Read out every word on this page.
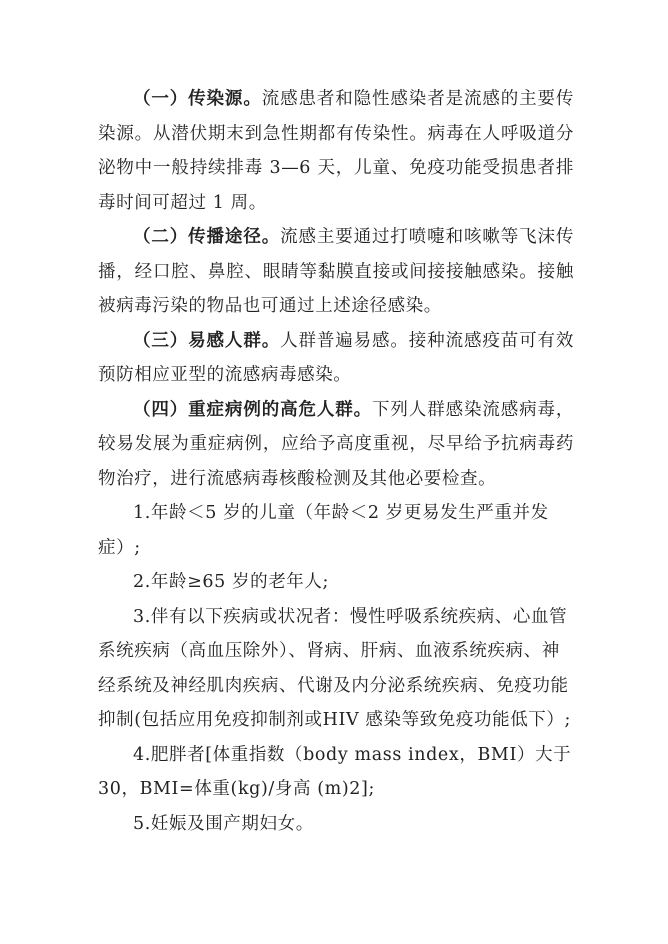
（一）传染源。流感患者和隐性感染者是流感的主要传染源。从潜伏期末到急性期都有传染性。病毒在人呼吸道分泌物中一般持续排毒 3—6 天，儿童、免疫功能受损患者排毒时间可超过 1 周。

（二）传播途径。流感主要通过打喷嚏和咳嗽等飞沫传播，经口腔、鼻腔、眼睛等黏膜直接或间接接触感染。接触被病毒污染的物品也可通过上述途径感染。

（三）易感人群。人群普遍易感。接种流感疫苗可有效预防相应亚型的流感病毒感染。

（四）重症病例的高危人群。下列人群感染流感病毒，较易发展为重症病例，应给予高度重视，尽早给予抗病毒药物治疗，进行流感病毒核酸检测及其他必要检查。

1.年龄＜5 岁的儿童（年龄＜2 岁更易发生严重并发症）;

2.年龄≥65 岁的老年人;

3.伴有以下疾病或状况者：慢性呼吸系统疾病、心血管系统疾病（高血压除外）、肾病、肝病、血液系统疾病、神经系统及神经肌肉疾病、代谢及内分泌系统疾病、免疫功能抑制(包括应用免疫抑制剂或HIV 感染等致免疫功能低下）;

4.肥胖者[体重指数（body mass index，BMI）大于 30，BMI=体重(kg)/身高 (m)2];

5.妊娠及围产期妇女。
